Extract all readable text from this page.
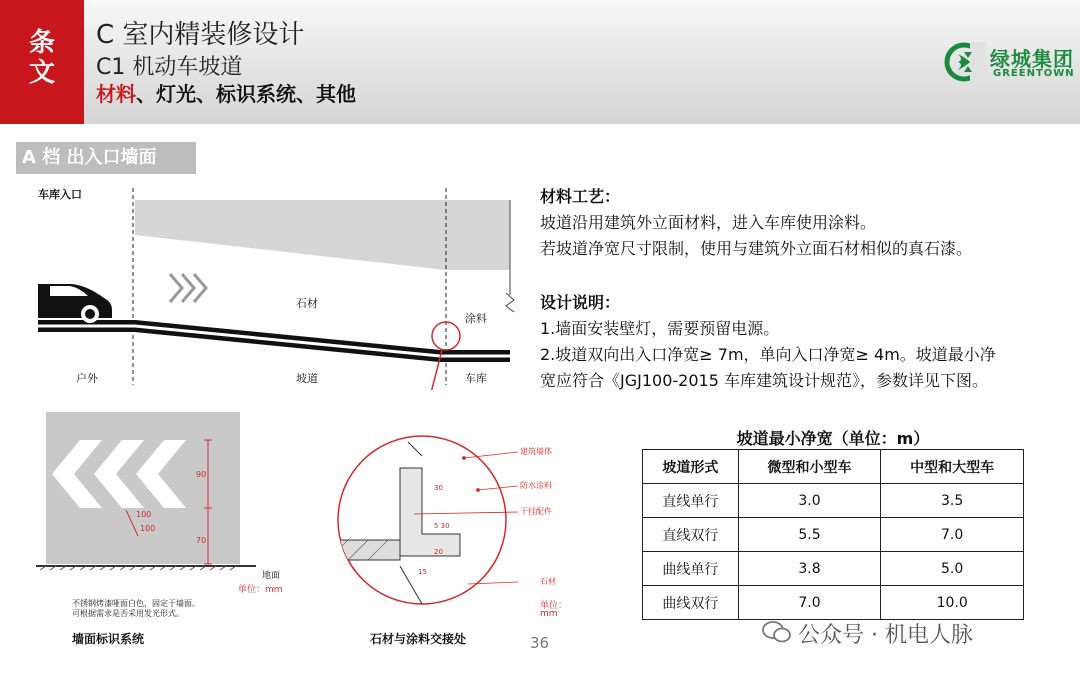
条
文
C 室内精装修设计
C1 机动车坡道
材料、灯光、标识系统、其他
绿城集团
GREENTOWN
A 档 出入口墙面
车库入口
石材
涂料
户外	坡道	车库
90
100
100
70
地面
单位：mm
不锈钢烤漆哑面白色，固定于墙面。
可根据需求是否采用发光形式。
墙面标识系统
建筑墙体
防水涂料
干挂配件
石材
单位：
mm
30
5 30
20
15
石材与涂料交接处
材料工艺：
坡道沿用建筑外立面材料，进入车库使用涂料。
若坡道净宽尺寸限制，使用与建筑外立面石材相似的真石漆。
设计说明：
1.墙面安装壁灯，需要预留电源。
2.坡道双向出入口净宽≥ 7m，单向入口净宽≥ 4m。坡道最小净
宽应符合《JGJ100-2015 车库建筑设计规范》，参数详见下图。
坡道最小净宽（单位：m）
坡道形式	微型和小型车	中型和大型车
直线单行	3.0	3.5
直线双行	5.5	7.0
曲线单行	3.8	5.0
曲线双行	7.0	10.0
36	公众号 · 机电人脉
